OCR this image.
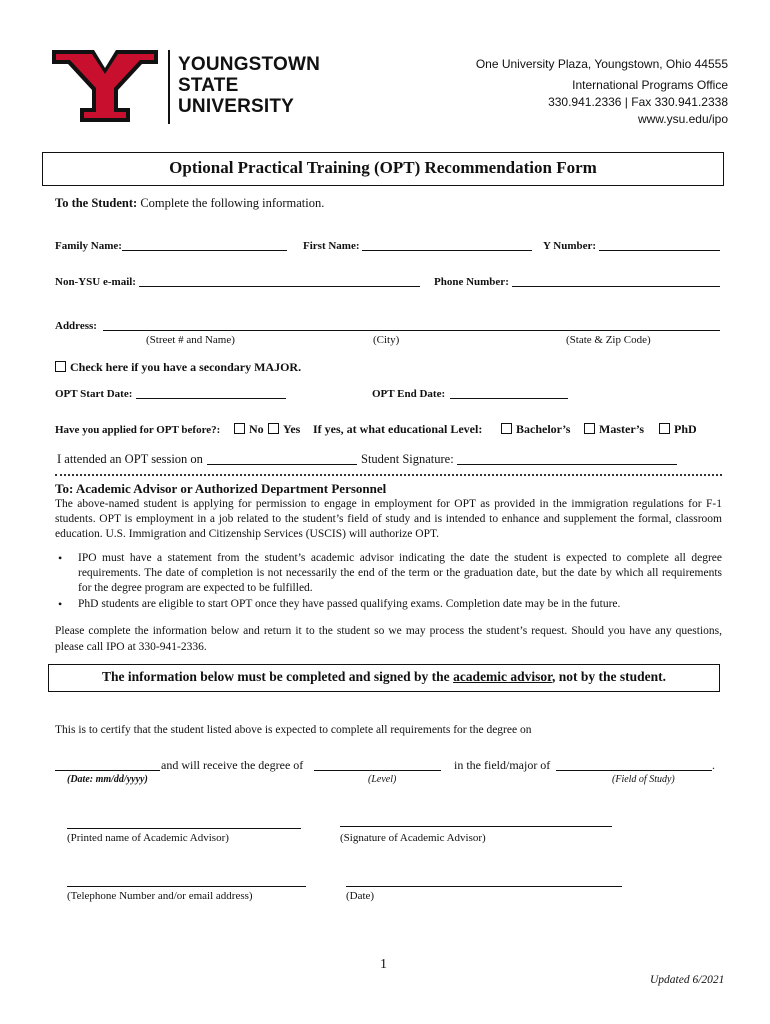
YOUNGSTOWN
STATE
UNIVERSITY
One University Plaza, Youngstown, Ohio 44555
International Programs Office
330.941.2336 | Fax 330.941.2338
www.ysu.edu/ipo
Optional Practical Training (OPT) Recommendation Form
To the Student: Complete the following information.
Family Name:	First Name:	Y Number:
Non-YSU e-mail:	Phone Number:
Address:
(Street # and Name)	(City)	(State & Zip Code)
Check here if you have a secondary MAJOR.
OPT Start Date:	OPT End Date:
Have you applied for OPT before?:	No	Yes If yes, at what educational Level:	Bachelor’s	Master’s	PhD
I attended an OPT session on	Student Signature:
To: Academic Advisor or Authorized Department Personnel
The above-named student is applying for permission to engage in employment for OPT as provided in the immigration regulations for F-1 students. OPT is employment in a job related to the student’s field of study and is intended to enhance and supplement the formal, classroom education. U.S. Immigration and Citizenship Services (USCIS) will authorize OPT.
• IPO must have a statement from the student’s academic advisor indicating the date the student is expected to complete all degree requirements. The date of completion is not necessarily the end of the term or the graduation date, but the date by which all requirements for the degree program are expected to be fulfilled.
• PhD students are eligible to start OPT once they have passed qualifying exams. Completion date may be in the future.
Please complete the information below and return it to the student so we may process the student’s request. Should you have any questions, please call IPO at 330-941-2336.
The information below must be completed and signed by the academic advisor, not by the student.
This is to certify that the student listed above is expected to complete all requirements for the degree on
and will receive the degree of	in the field/major of	.
(Date: mm/dd/yyyy)	(Level)	(Field of Study)
(Printed name of Academic Advisor)	(Signature of Academic Advisor)
(Telephone Number and/or email address)	(Date)
1
Updated 6/2021
